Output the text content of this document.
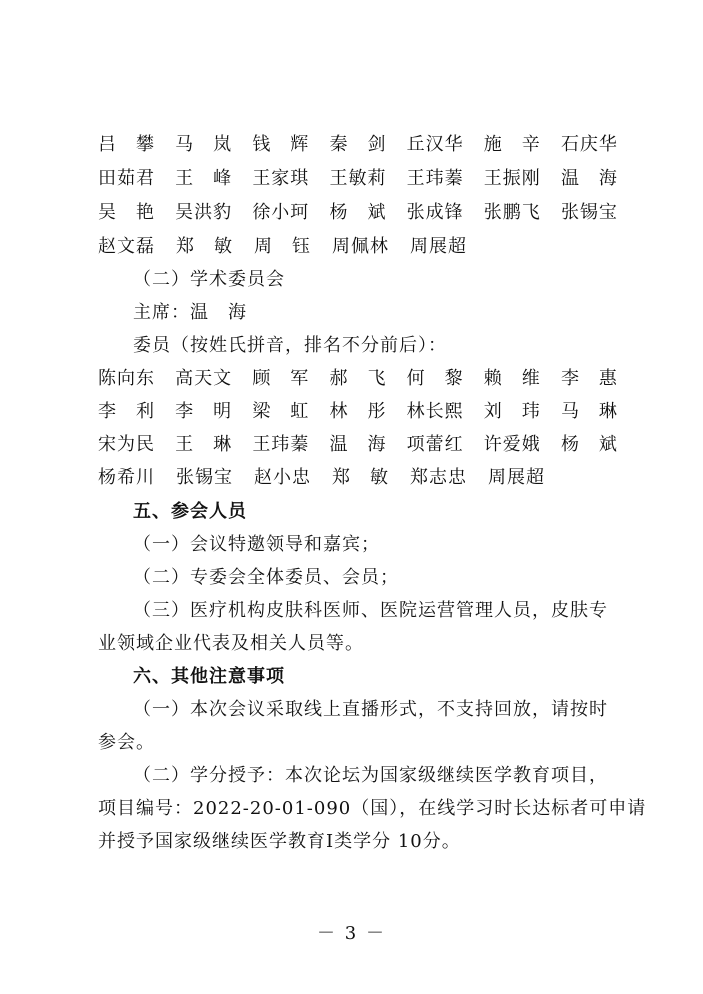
吕　攀 马　岚 钱　辉 秦　剑 丘汉华 施　辛 石庆华
田茹君 王　峰 王家琪 王敏莉 王玮蓁 王振刚 温　海
吴　艳 吴洪豹 徐小珂 杨　斌 张成锋 张鹏飞 张锡宝
赵文磊 郑　敏 周　钰 周佩林 周展超
（二）学术委员会
主席：温　海
委员（按姓氏拼音，排名不分前后）：
陈向东 高天文 顾　军 郝　飞 何　黎 赖　维 李　惠
李　利 李　明 梁　虹 林　彤 林长熙 刘　玮 马　琳
宋为民 王　琳 王玮蓁 温　海 项蕾红 许爱娥 杨　斌
杨希川 张锡宝 赵小忠 郑　敏 郑志忠 周展超
五、参会人员
（一）会议特邀领导和嘉宾；
（二）专委会全体委员、会员；
（三）医疗机构皮肤科医师、医院运营管理人员，皮肤专
业领域企业代表及相关人员等。
六、其他注意事项
（一）本次会议采取线上直播形式，不支持回放，请按时
参会。
（二）学分授予：本次论坛为国家级继续医学教育项目，
项目编号：2022-20-01-090（国），在线学习时长达标者可申请
并授予国家级继续医学教育Ⅰ类学分 10分。
－ 3 －
